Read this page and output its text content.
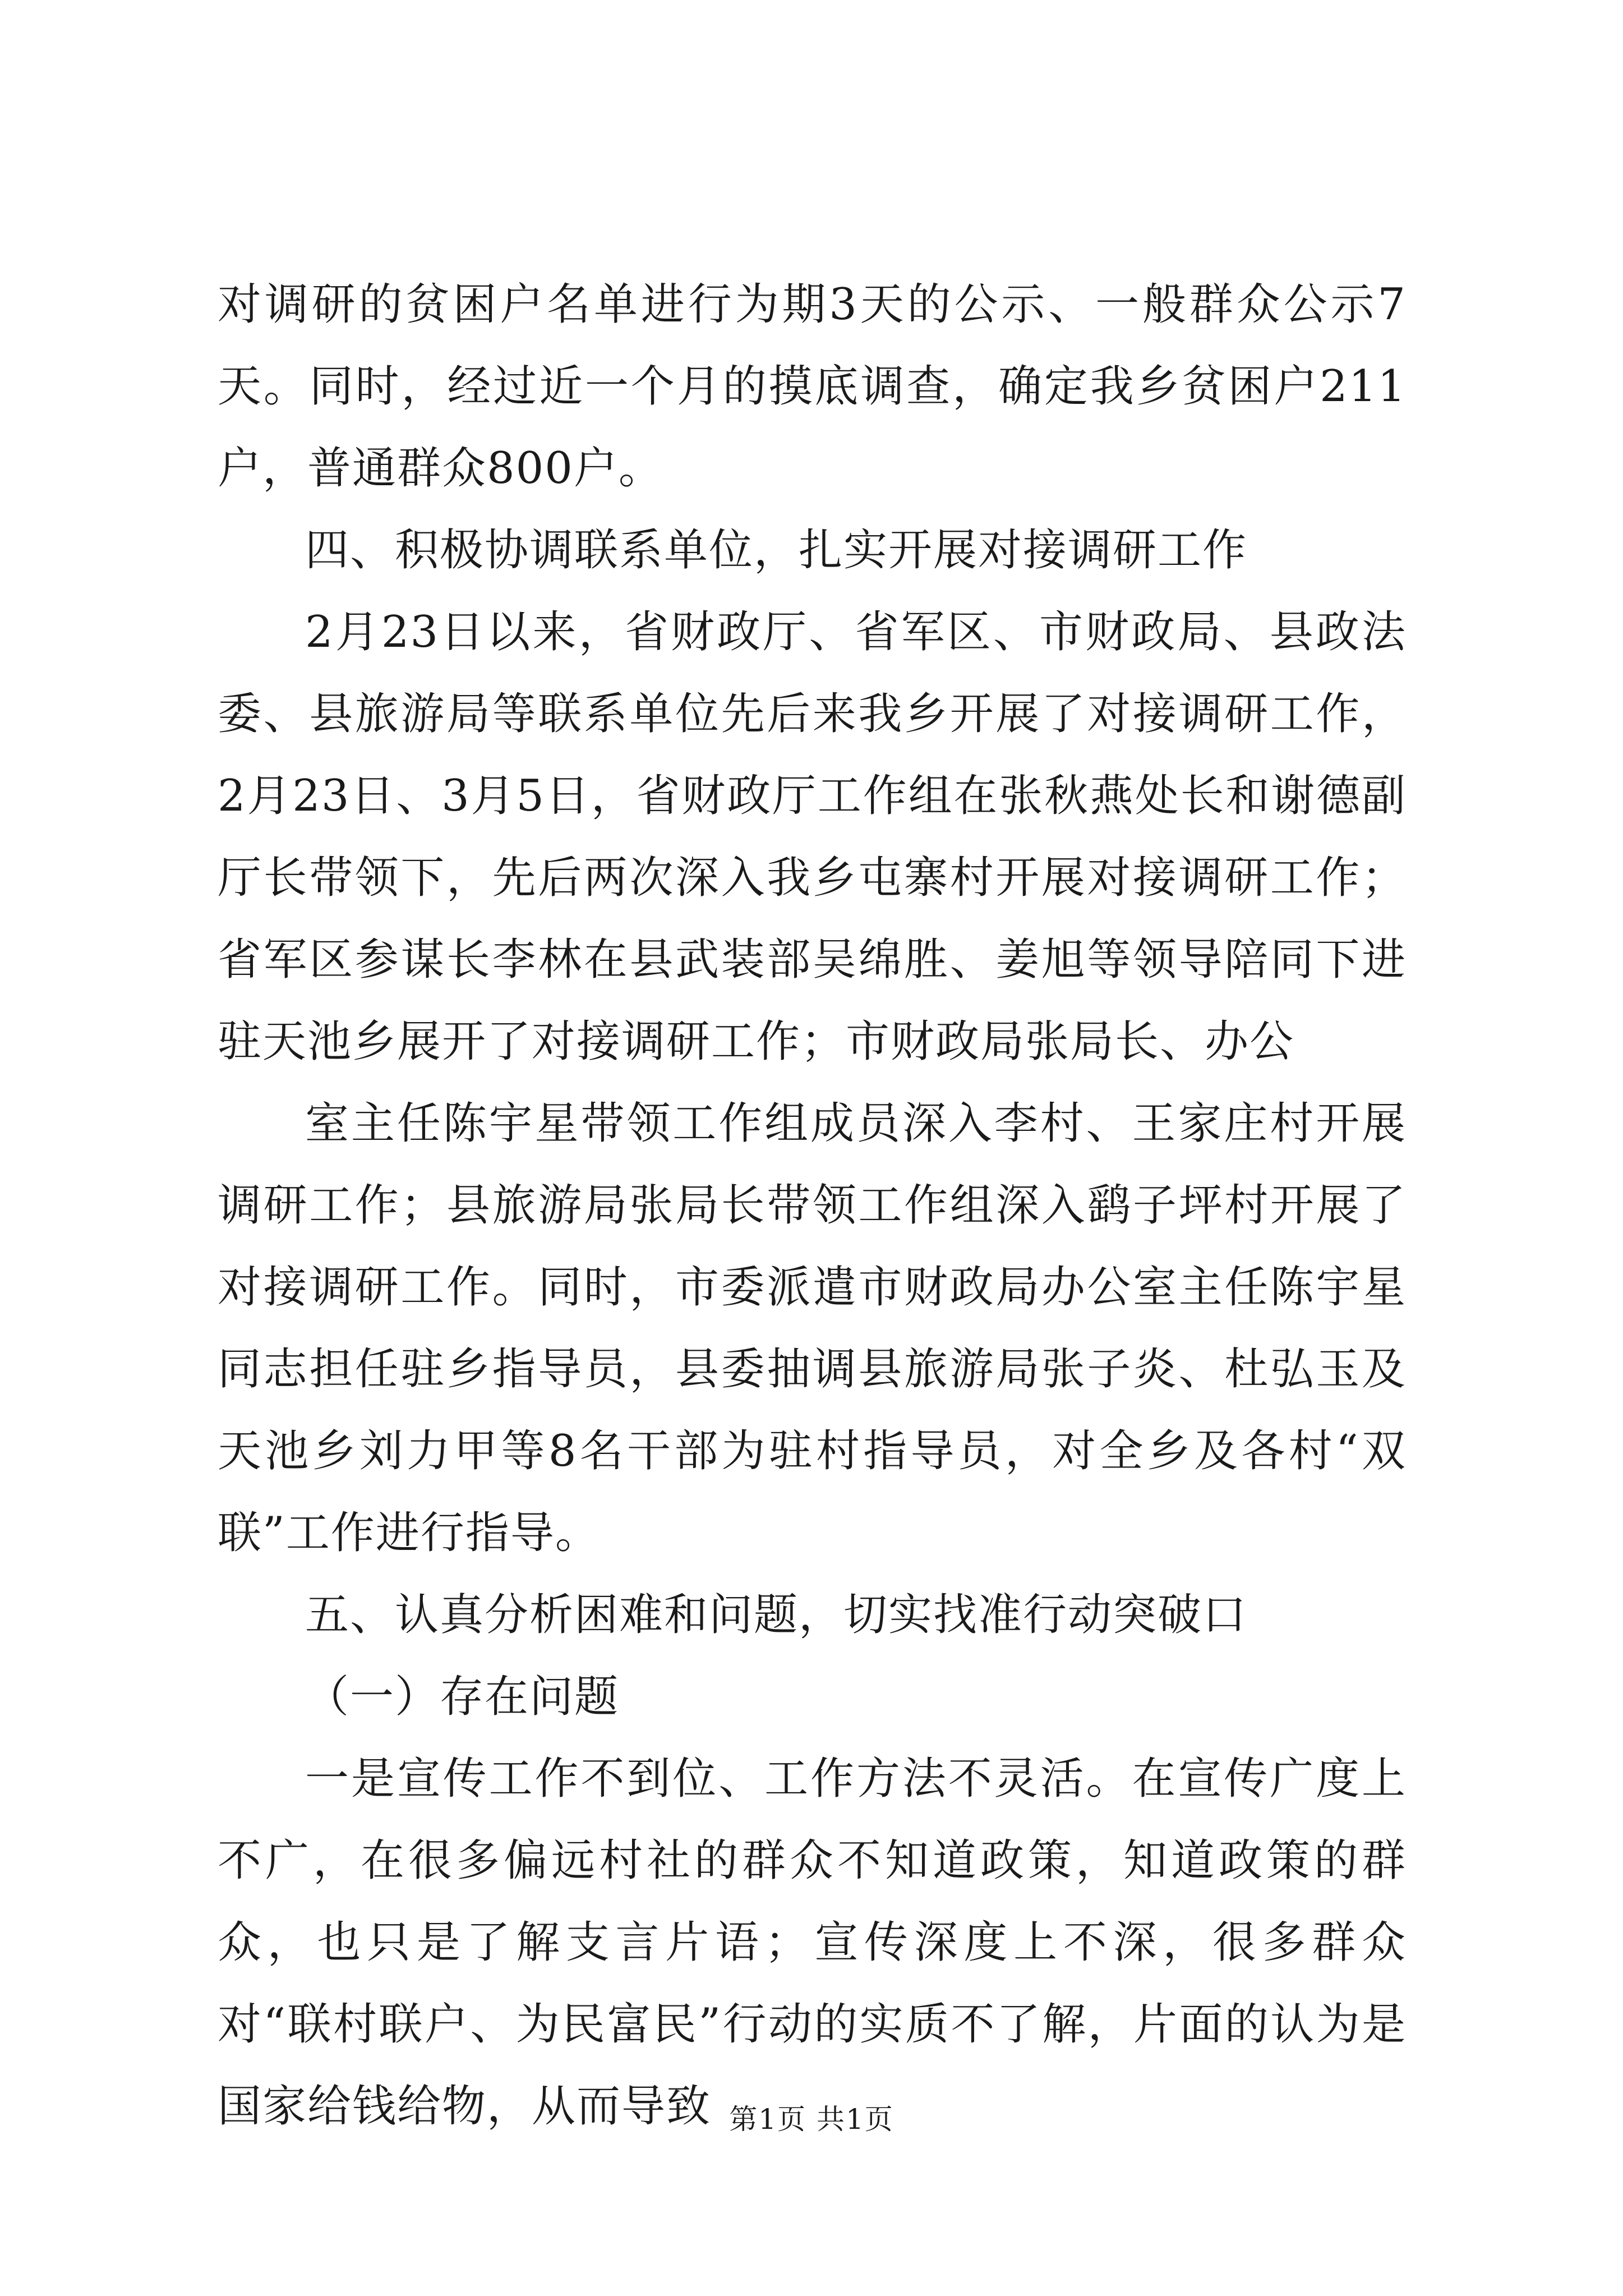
对调研的贫困户名单进行为期3天的公示、一般群众公示7天。同时，经过近一个月的摸底调查，确定我乡贫困户211户，普通群众800户。

四、积极协调联系单位，扎实开展对接调研工作

2月23日以来，省财政厅、省军区、市财政局、县政法委、县旅游局等联系单位先后来我乡开展了对接调研工作，2月23日、3月5日，省财政厅工作组在张秋燕处长和谢德副厅长带领下，先后两次深入我乡屯寨村开展对接调研工作；省军区参谋长李林在县武装部吴绵胜、姜旭等领导陪同下进驻天池乡展开了对接调研工作；市财政局张局长、办公

室主任陈宇星带领工作组成员深入李村、王家庄村开展调研工作；县旅游局张局长带领工作组深入鹞子坪村开展了对接调研工作。同时，市委派遣市财政局办公室主任陈宇星同志担任驻乡指导员，县委抽调县旅游局张子炎、杜弘玉及天池乡刘力甲等8名干部为驻村指导员，对全乡及各村“双联”工作进行指导。

五、认真分析困难和问题，切实找准行动突破口

（一）存在问题

一是宣传工作不到位、工作方法不灵活。在宣传广度上不广，在很多偏远村社的群众不知道政策，知道政策的群众，也只是了解支言片语；宣传深度上不深，很多群众对“联村联户、为民富民”行动的实质不了解，片面的认为是国家给钱给物，从而导致 第1页 共1页
